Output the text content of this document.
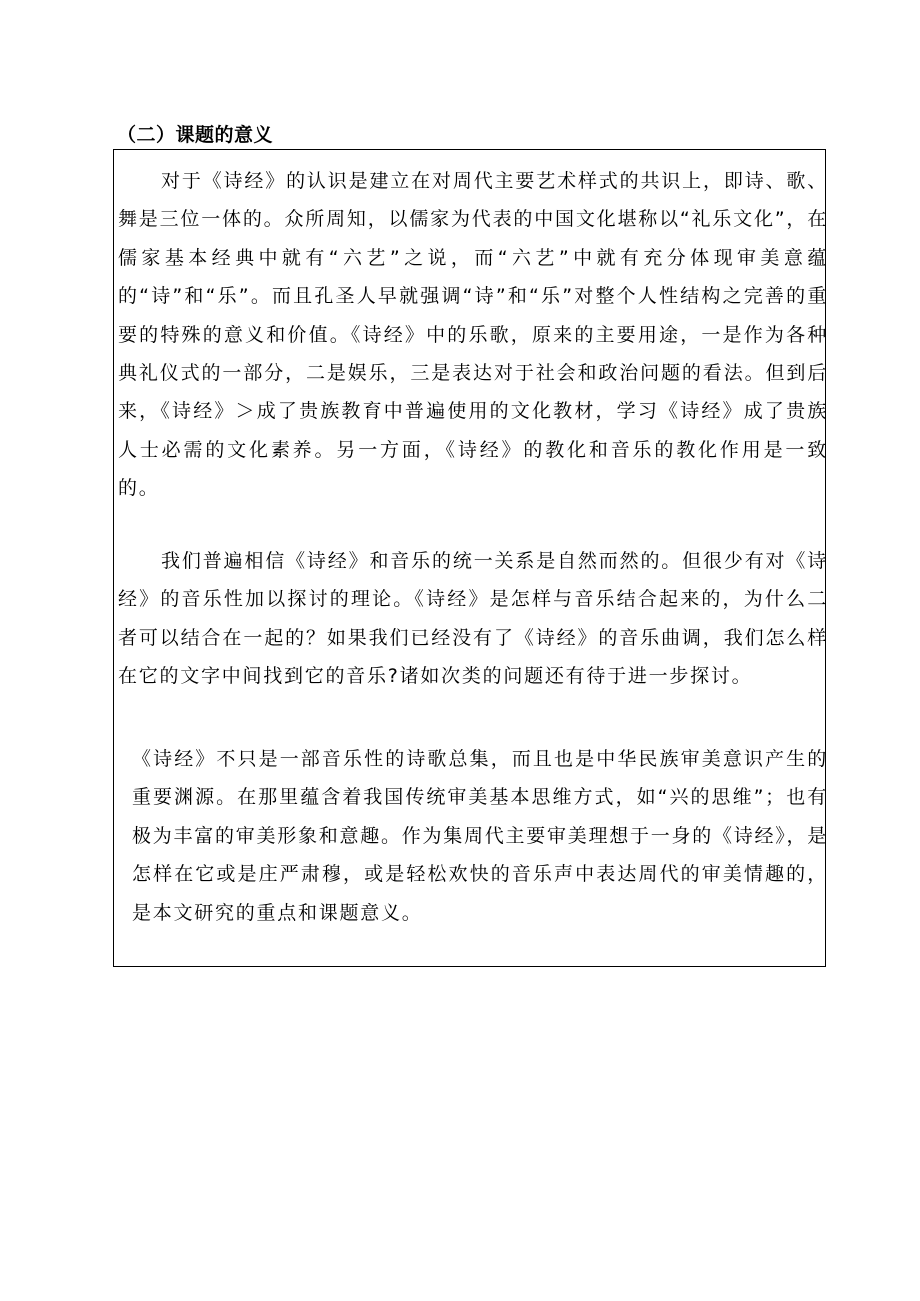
（二）课题的意义

对于《诗经》的认识是建立在对周代主要艺术样式的共识上，即诗、歌、舞是三位一体的。众所周知，以儒家为代表的中国文化堪称以“礼乐文化”，在儒家基本经典中就有“六艺”之说，而“六艺”中就有充分体现审美意蕴的“诗”和“乐”。而且孔圣人早就强调“诗”和“乐”对整个人性结构之完善的重要的特殊的意义和价值。《诗经》中的乐歌，原来的主要用途，一是作为各种典礼仪式的一部分，二是娱乐，三是表达对于社会和政治问题的看法。但到后来，《诗经》＞成了贵族教育中普遍使用的文化教材，学习《诗经》成了贵族人士必需的文化素养。另一方面，《诗经》的教化和音乐的教化作用是一致的。

我们普遍相信《诗经》和音乐的统一关系是自然而然的。但很少有对《诗经》的音乐性加以探讨的理论。《诗经》是怎样与音乐结合起来的，为什么二者可以结合在一起的？如果我们已经没有了《诗经》的音乐曲调，我们怎么样在它的文字中间找到它的音乐?诸如次类的问题还有待于进一步探讨。

《诗经》不只是一部音乐性的诗歌总集，而且也是中华民族审美意识产生的重要渊源。在那里蕴含着我国传统审美基本思维方式，如“兴的思维”；也有极为丰富的审美形象和意趣。作为集周代主要审美理想于一身的《诗经》，是怎样在它或是庄严肃穆，或是轻松欢快的音乐声中表达周代的审美情趣的，是本文研究的重点和课题意义。
